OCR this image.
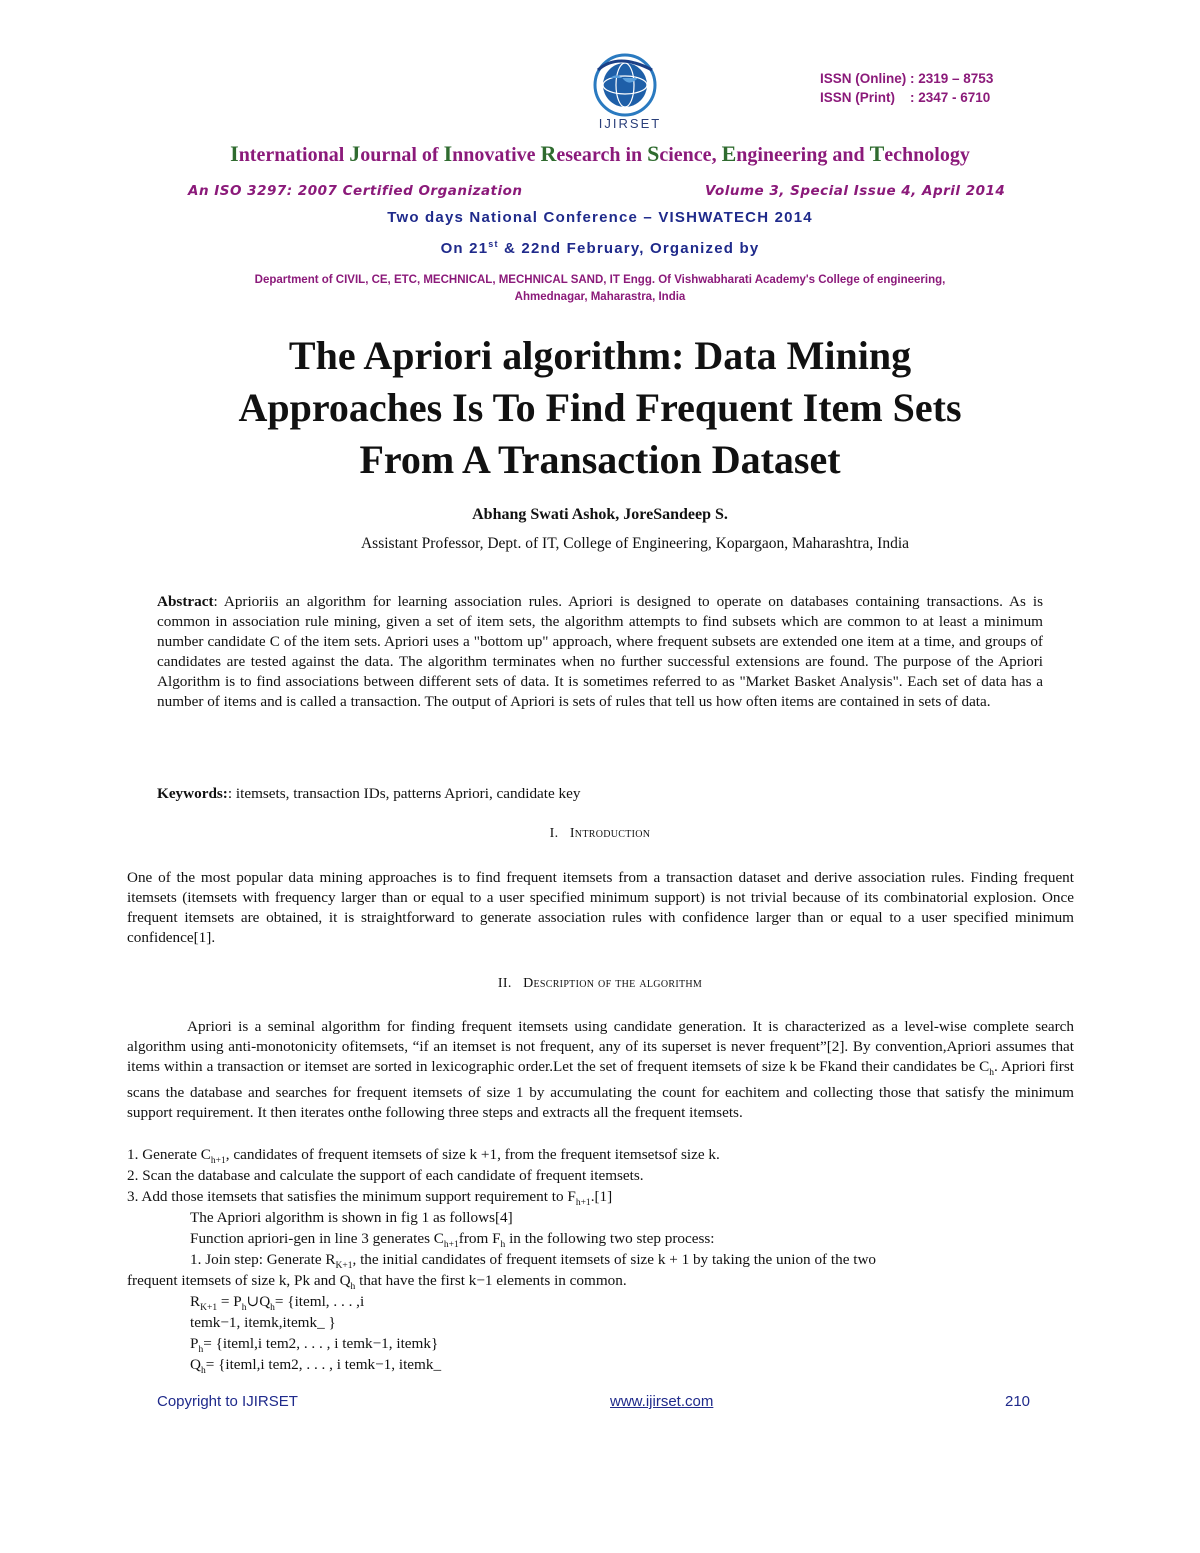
IJIRSET
ISSN (Online) : 2319 – 8753
ISSN (Print)    : 2347 - 6710
International Journal of Innovative Research in Science, Engineering and Technology
An ISO 3297: 2007 Certified Organization	Volume 3, Special Issue 4, April 2014
Two days National Conference – VISHWATECH 2014
On 21st & 22nd February, Organized by
Department of CIVIL, CE, ETC, MECHNICAL, MECHNICAL SAND, IT Engg. Of Vishwabharati Academy's College of engineering,
Ahmednagar, Maharastra, India
The Apriori algorithm: Data Mining
Approaches Is To Find Frequent Item Sets
From A Transaction Dataset
Abhang Swati Ashok, JoreSandeep S.
Assistant Professor, Dept. of IT, College of Engineering, Kopargaon, Maharashtra, India
Abstract: Aprioriis an algorithm for learning association rules. Apriori is designed to operate on databases containing transactions. As is common in association rule mining, given a set of item sets, the algorithm attempts to find subsets which are common to at least a minimum number candidate C of the item sets. Apriori uses a "bottom up" approach, where frequent subsets are extended one item at a time, and groups of candidates are tested against the data. The algorithm terminates when no further successful extensions are found. The purpose of the Apriori Algorithm is to find associations between different sets of data. It is sometimes referred to as "Market Basket Analysis". Each set of data has a number of items and is called a transaction. The output of Apriori is sets of rules that tell us how often items are contained in sets of data.
Keywords:: itemsets, transaction IDs, patterns Apriori, candidate key
I. Introduction
One of the most popular data mining approaches is to find frequent itemsets from a transaction dataset and derive association rules. Finding frequent itemsets (itemsets with frequency larger than or equal to a user specified minimum support) is not trivial because of its combinatorial explosion. Once frequent itemsets are obtained, it is straightforward to generate association rules with confidence larger than or equal to a user specified minimum confidence[1].
II. Description of the algorithm
Apriori is a seminal algorithm for finding frequent itemsets using candidate generation. It is characterized as a level-wise complete search algorithm using anti-monotonicity ofitemsets, “if an itemset is not frequent, any of its superset is never frequent”[2]. By convention,Apriori assumes that items within a transaction or itemset are sorted in lexicographic order.Let the set of frequent itemsets of size k be Fkand their candidates be $C_h$. Apriori first scans the database and searches for frequent itemsets of size 1 by accumulating the count for eachitem and collecting those that satisfy the minimum support requirement. It then iterates onthe following three steps and extracts all the frequent itemsets.
1. Generate $C_{h+1}$, candidates of frequent itemsets of size k +1, from the frequent itemsetsof size k.
2. Scan the database and calculate the support of each candidate of frequent itemsets.
3. Add those itemsets that satisfies the minimum support requirement to $F_{h+1}.[1]$
The Apriori algorithm is shown in fig 1 as follows[4]
Function apriori-gen in line 3 generates $C_{h+1}from$ $F_h$ in the following two step process:
1. Join step: Generate $R_{K+1}$, the initial candidates of frequent itemsets of size k + 1 by taking the union of the two
frequent itemsets of size k, Pk and $Q_h$ that have the first k−1 elements in common.
$R_{K+1}$ = $P_h\cup Q_h=$ {iteml, . . . ,i
temk−1, itemk,itemk_ }
$P_h=$ {iteml,i tem2, . . . , i temk−1, itemk}
$Q_h=$ {iteml,i tem2, . . . , i temk−1, itemk_
Copyright to IJIRSET	www.ijirset.com	210
